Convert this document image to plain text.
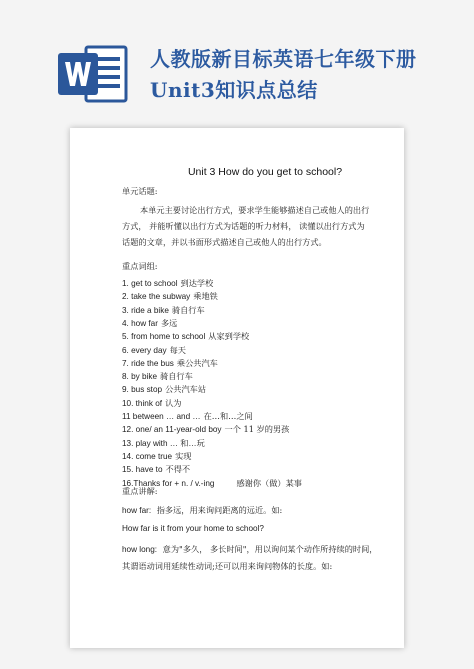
人教版新目标英语七年级下册
Unit3知识点总结
Unit 3 How do you get to school?
单元话题:
本单元主要讨论出行方式，要求学生能够描述自己或他人的出行方式， 并能听懂以出行方式为话题的听力材料， 读懂以出行方式为话题的文章，并以书面形式描述自己或他人的出行方式。
重点词组:
1. get to school 到达学校
2. take the subway 乘地铁
3. ride a bike 骑自行车
4. how far 多远
5. from home to school 从家到学校
6. every day 每天
7. ride the bus 乘公共汽车
8. by bike 骑自行车
9. bus stop 公共汽车站
10. think of 认为
11 between … and … 在…和…之间
12. one/ an 11-year-old boy 一个 11 岁的男孩
13. play with … 和…玩
14. come true 实现
15. have to 不得不
16.Thanks for + n. / v.-ing	感谢你（做）某事
重点讲解:
how far: 指多远，用来询问距离的远近。如:
How far is it from your home to school?
how long: 意为"多久， 多长时间"，用以询问某个动作所持续的时间，
其谓语动词用延续性动词;还可以用来询问物体的长度。如:
